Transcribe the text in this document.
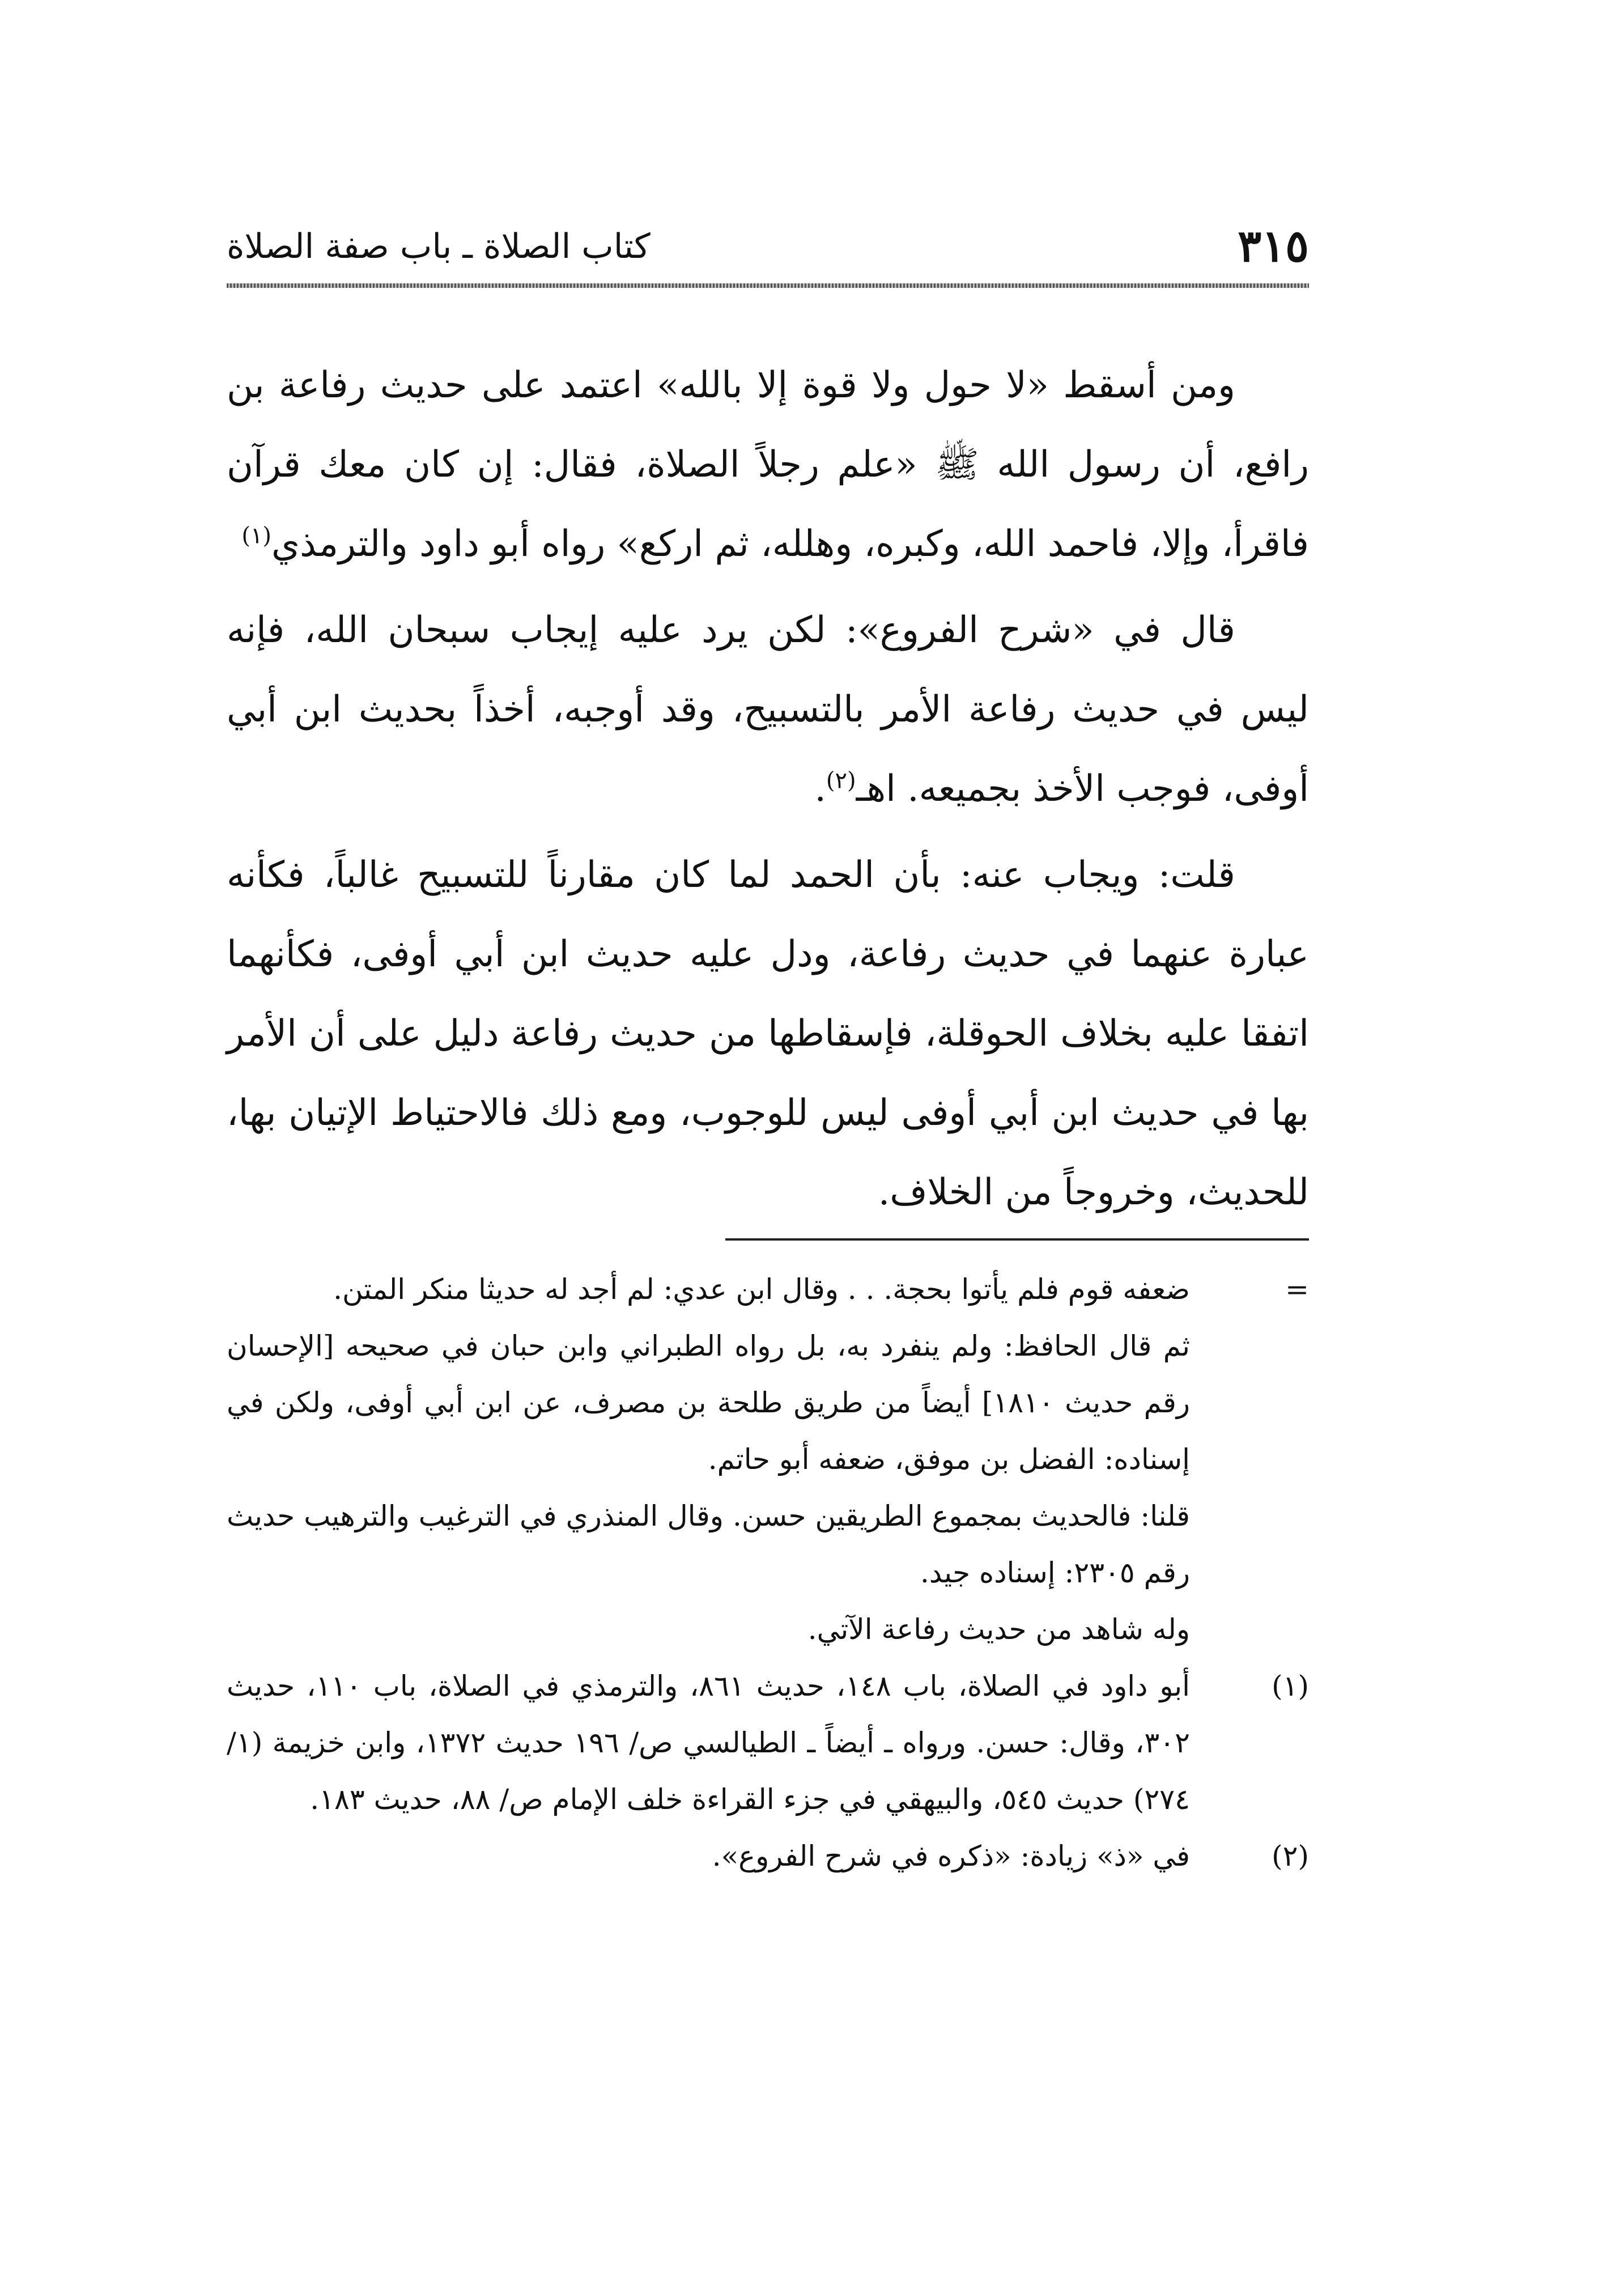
٣١٥
كتاب الصلاة ـ باب صفة الصلاة

ومن أسقط «لا حول ولا قوة إلا بالله» اعتمد على حديث رفاعة بن رافع، أن رسول الله ﷺ «علم رجلاً الصلاة، فقال: إن كان معك قرآن فاقرأ، وإلا، فاحمد الله، وكبره، وهلله، ثم اركع» رواه أبو داود والترمذي$^{(١)}$

قال في «شرح الفروع»: لكن يرد عليه إيجاب سبحان الله، فإنه ليس في حديث رفاعة الأمر بالتسبيح، وقد أوجبه، أخذاً بحديث ابن أبي أوفى، فوجب الأخذ بجميعه. اهـ$^{(٢)}$.

قلت: ويجاب عنه: بأن الحمد لما كان مقارناً للتسبيح غالباً، فكأنه عبارة عنهما في حديث رفاعة، ودل عليه حديث ابن أبي أوفى، فكأنهما اتفقا عليه بخلاف الحوقلة، فإسقاطها من حديث رفاعة دليل على أن الأمر بها في حديث ابن أبي أوفى ليس للوجوب، ومع ذلك فالاحتياط الإتيان بها، للحديث، وخروجاً من الخلاف.

=
ضعفه قوم فلم يأتوا بحجة. . . وقال ابن عدي: لم أجد له حديثا منكر المتن.
ثم قال الحافظ: ولم ينفرد به، بل رواه الطبراني وابن حبان في صحيحه [الإحسان رقم حديث ١٨١٠] أيضاً من طريق طلحة بن مصرف، عن ابن أبي أوفى، ولكن في إسناده: الفضل بن موفق، ضعفه أبو حاتم.
قلنا: فالحديث بمجموع الطريقين حسن. وقال المنذري في الترغيب والترهيب حديث رقم ٢٣٠٥: إسناده جيد.
وله شاهد من حديث رفاعة الآتي.
(١)
أبو داود في الصلاة، باب ١٤٨، حديث ٨٦١، والترمذي في الصلاة، باب ١١٠، حديث ٣٠٢، وقال: حسن. ورواه ـ أيضاً ـ الطيالسي ص/ ١٩٦ حديث ١٣٧٢، وابن خزيمة (١/ ٢٧٤) حديث ٥٤٥، والبيهقي في جزء القراءة خلف الإمام ص/ ٨٨، حديث ١٨٣.
(٢)
في «ذ» زيادة: «ذكره في شرح الفروع».
